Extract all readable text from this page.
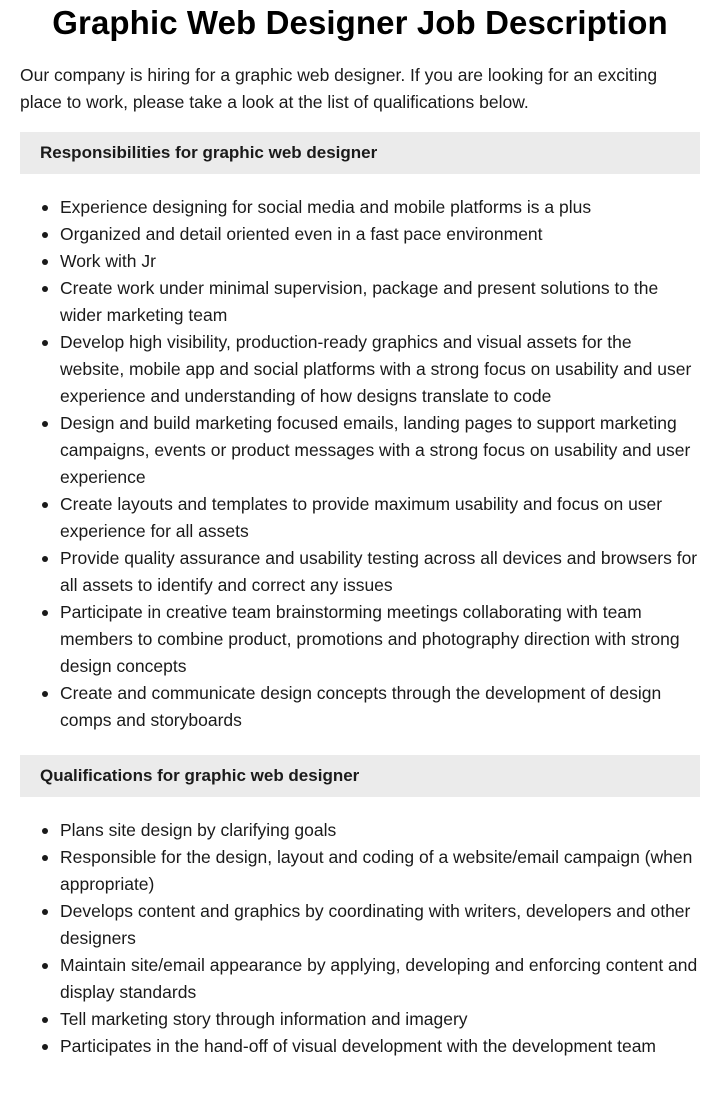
Graphic Web Designer Job Description

Our company is hiring for a graphic web designer. If you are looking for an exciting place to work, please take a look at the list of qualifications below.

Responsibilities for graphic web designer
Experience designing for social media and mobile platforms is a plus
Organized and detail oriented even in a fast pace environment
Work with Jr
Create work under minimal supervision, package and present solutions to the wider marketing team
Develop high visibility, production-ready graphics and visual assets for the website, mobile app and social platforms with a strong focus on usability and user experience and understanding of how designs translate to code
Design and build marketing focused emails, landing pages to support marketing campaigns, events or product messages with a strong focus on usability and user experience
Create layouts and templates to provide maximum usability and focus on user experience for all assets
Provide quality assurance and usability testing across all devices and browsers for all assets to identify and correct any issues
Participate in creative team brainstorming meetings collaborating with team members to combine product, promotions and photography direction with strong design concepts
Create and communicate design concepts through the development of design comps and storyboards
Qualifications for graphic web designer
Plans site design by clarifying goals
Responsible for the design, layout and coding of a website/email campaign (when appropriate)
Develops content and graphics by coordinating with writers, developers and other designers
Maintain site/email appearance by applying, developing and enforcing content and display standards
Tell marketing story through information and imagery
Participates in the hand-off of visual development with the development team
